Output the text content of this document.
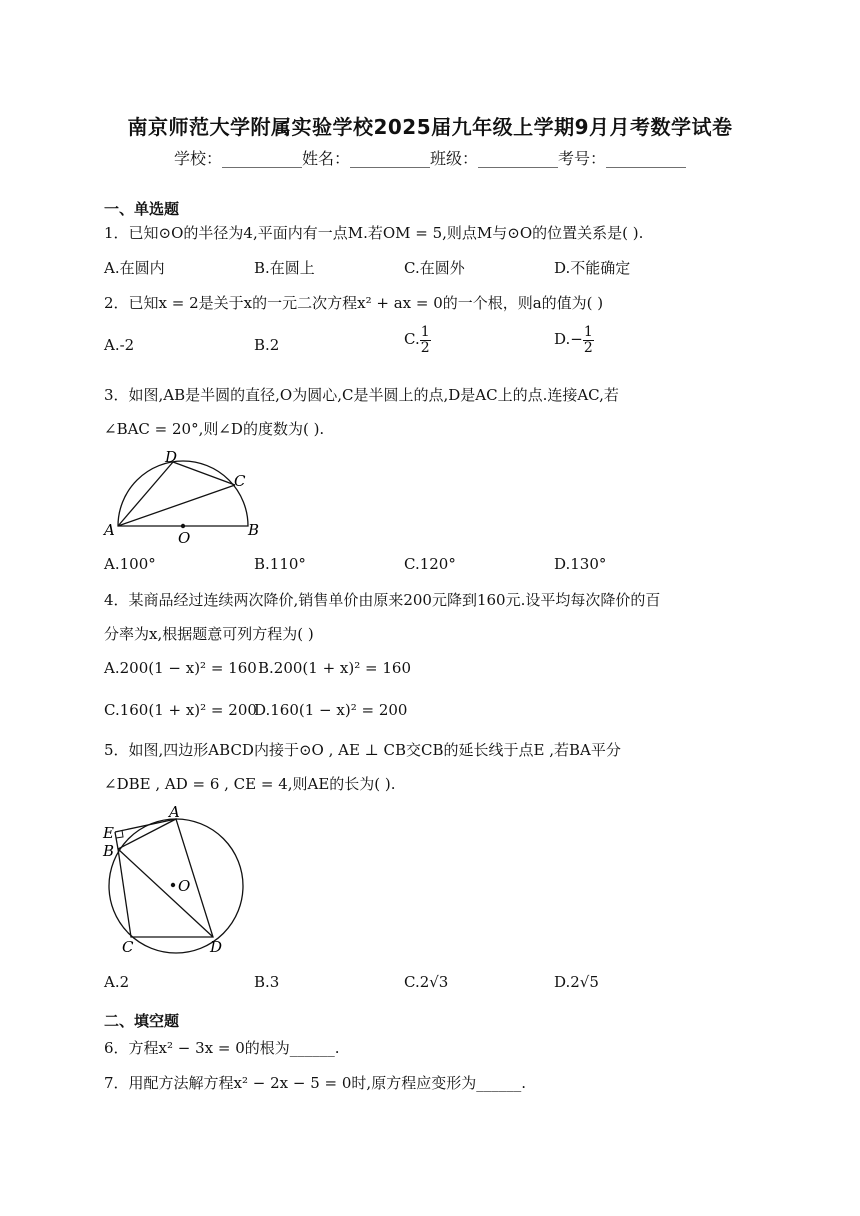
南京师范大学附属实验学校2025届九年级上学期9月月考数学试卷
学校：__________姓名：__________班级：__________考号：__________
一、单选题
1．已知⊙O的半径为4,平面内有一点M.若OM = 5,则点M与⊙O的位置关系是( ).
A.在圆内	B.在圆上	C.在圆外	D.不能确定
2．已知x = 2是关于x的一元二次方程x² + ax = 0的一个根，则a的值为( )
A.-2	B.2	C. $\frac{1}{2}$	$D.- \frac{1}{2}$
3．如图,AB是半圆的直径,O为圆心,C是半圆上的点,D是AC上的点.连接AC,若
∠BAC = 20°,则∠D的度数为( ).
A	B
C
D
O
A.100°	B.110°	C.120°	D.130°
4．某商品经过连续两次降价,销售单价由原来200元降到160元.设平均每次降价的百
分率为x,根据题意可列方程为( )
A.200(1 − x)² = 160 B.200(1 + x)² = 160
C.160(1 + x)² = 200
D.160(1 − x)² = 200
5．如图,四边形ABCD内接于⊙O , AE ⊥ CB交CB的延长线于点E ,若BA平分
∠DBE , AD = 6 , CE = 4,则AE的长为( ).
A
B
C	D
E
O
A.2	B.3	C.2√3	D.2√5
二、填空题
6．方程x² − 3x = 0的根为______.
7．用配方法解方程x² − 2x − 5 = 0时,原方程应变形为______.
